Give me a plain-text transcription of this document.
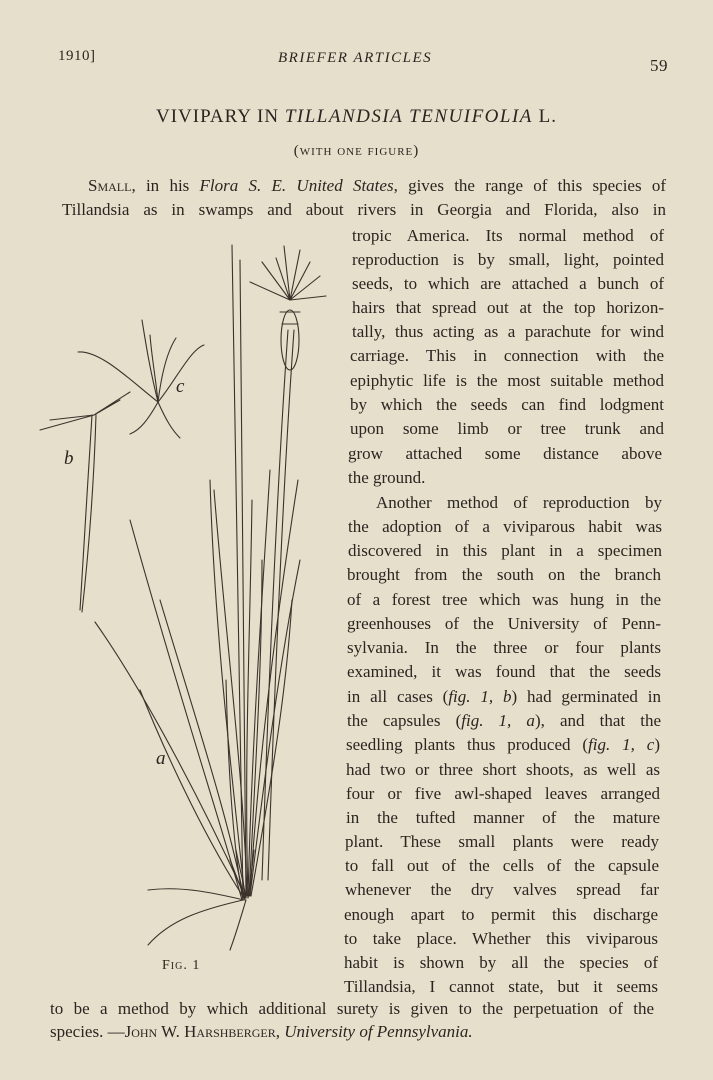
1910]	BRIEFER ARTICLES	59
VIVIPARY IN TILLANDSIA TENUIFOLIA L.
(with one figure)
Small, in his Flora S. E. United States, gives the range of this species of
Tillandsia as in swamps and about rivers in Georgia and Florida, also in
tropic America. Its normal method of
reproduction is by small, light, pointed
seeds, to which are attached a bunch of
hairs that spread out at the top horizon-
tally, thus acting as a parachute for wind
carriage. This in connection with the
epiphytic life is the most suitable method
by which the seeds can find lodgment
upon some limb or tree trunk and
grow attached some distance above
the ground.
Another method of reproduction by
the adoption of a viviparous habit was
discovered in this plant in a specimen
brought from the south on the branch
of a forest tree which was hung in the
greenhouses of the University of Penn-
sylvania. In the three or four plants
examined, it was found that the seeds
in all cases (fig. 1, b) had germinated in
the capsules (fig. 1, a), and that the
seedling plants thus produced (fig. 1, c)
had two or three short shoots, as well as
four or five awl-shaped leaves arranged
in the tufted manner of the mature
plant. These small plants were ready
to fall out of the cells of the capsule
whenever the dry valves spread far
enough apart to permit this discharge
to take place. Whether this viviparous
habit is shown by all the species of
Tillandsia, I cannot state, but it seems
to be a method by which additional surety is given to the perpetuation of the
species. —John W. Harshberger, University of Pennsylvania.
c
b
a
Fig. 1
